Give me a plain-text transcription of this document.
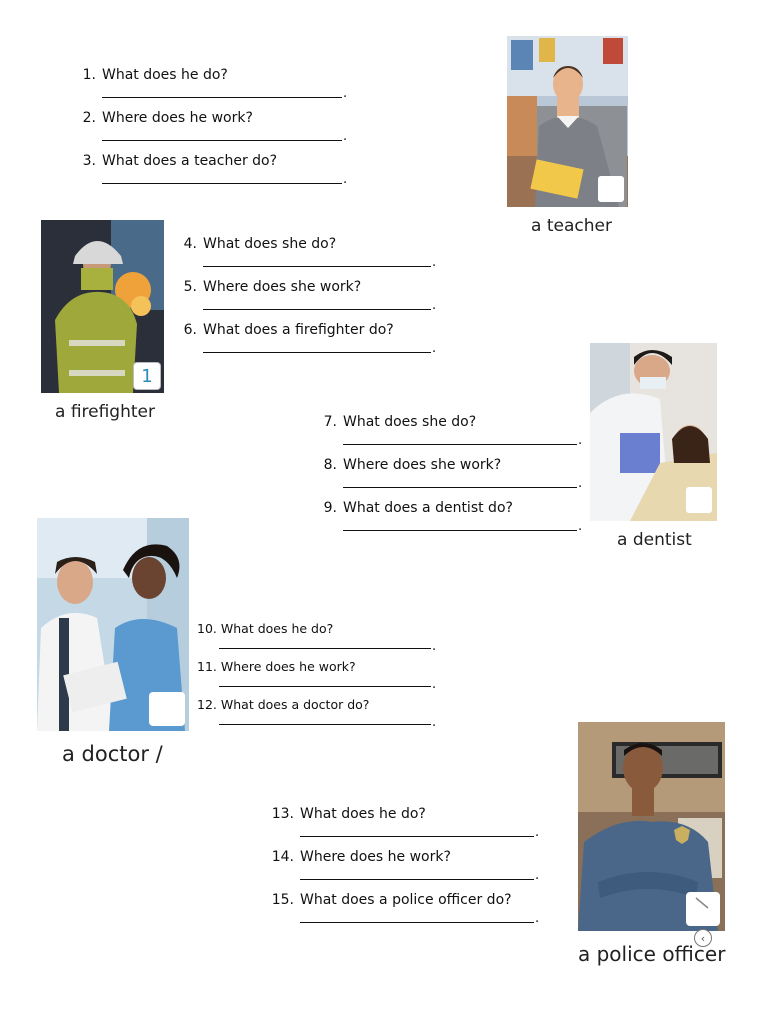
1. What does he do?
.
2. Where does he work?
.
3. What does a teacher do?
.
a teacher
1
a firefighter
4. What does she do?
.
5. Where does she work?
.
6. What does a firefighter do?
.
7. What does she do?
.
8. Where does she work?
.
9. What does a dentist do?
.
a dentist
a doctor /
10. What does he do?
.
11. Where does he work?
.
12. What does a doctor do?
.
13. What does he do?
.
14. Where does he work?
.
15. What does a police officer do?
.
‹
a police officer
